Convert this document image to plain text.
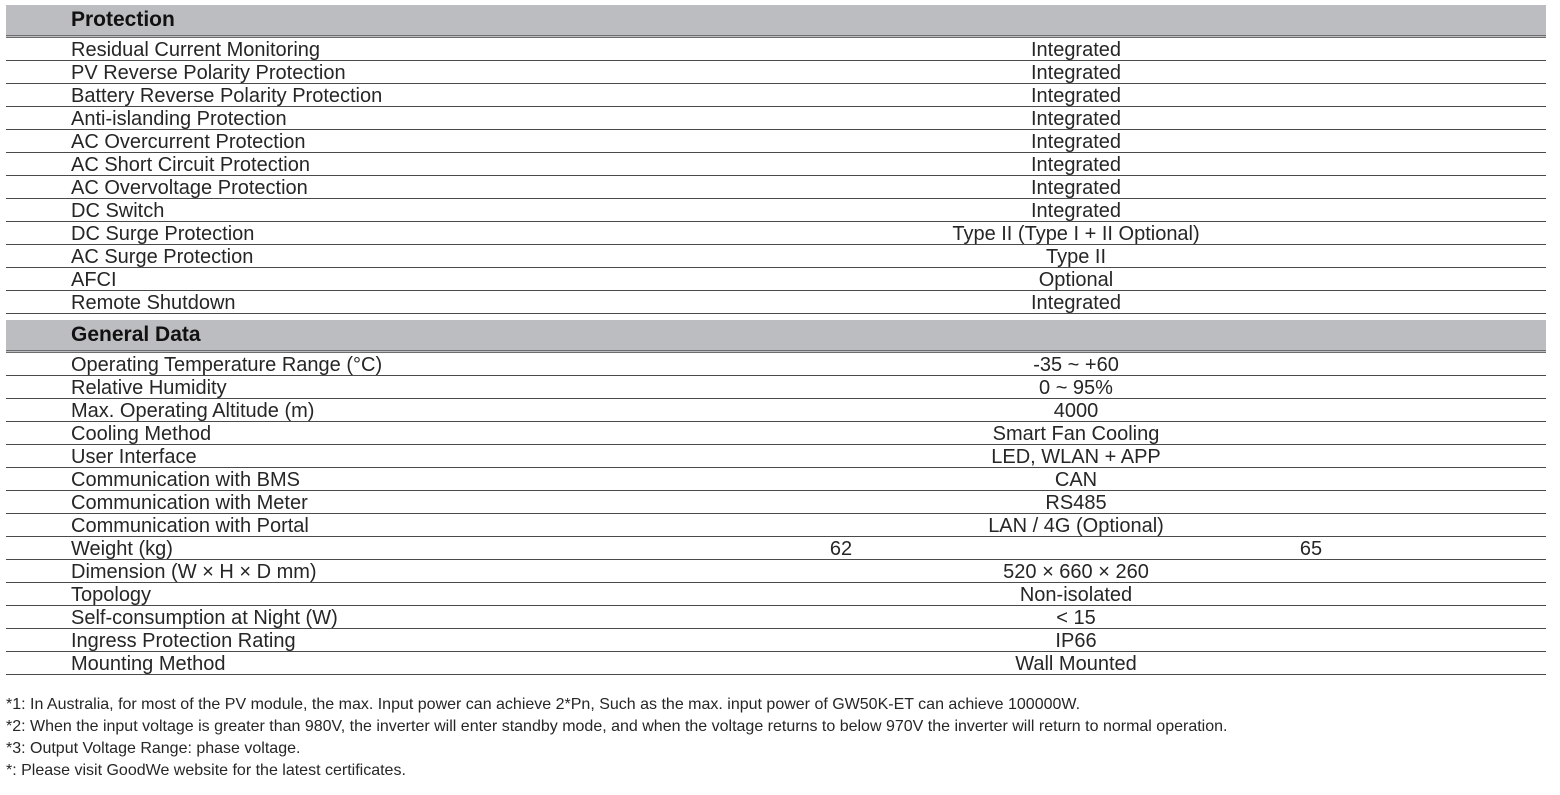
Protection
Residual Current Monitoring	Integrated
PV Reverse Polarity Protection	Integrated
Battery Reverse Polarity Protection	Integrated
Anti-islanding Protection	Integrated
AC Overcurrent Protection	Integrated
AC Short Circuit Protection	Integrated
AC Overvoltage Protection	Integrated
DC Switch	Integrated
DC Surge Protection	Type II (Type I + II Optional)
AC Surge Protection	Type II
AFCI	Optional
Remote Shutdown	Integrated
General Data
Operating Temperature Range (°C)	-35 ~ +60
Relative Humidity	0 ~ 95%
Max. Operating Altitude (m)	4000
Cooling Method	Smart Fan Cooling
User Interface	LED, WLAN + APP
Communication with BMS	CAN
Communication with Meter	RS485
Communication with Portal	LAN / 4G (Optional)
Weight (kg)	62	65
Dimension (W × H × D mm)	520 × 660 × 260
Topology	Non-isolated
Self-consumption at Night (W)	< 15
Ingress Protection Rating	IP66
Mounting Method	Wall Mounted
*1: In Australia, for most of the PV module, the max. Input power can achieve 2*Pn, Such as the max. input power of GW50K-ET can achieve 100000W.
*2: When the input voltage is greater than 980V, the inverter will enter standby mode, and when the voltage returns to below 970V the inverter will return to normal operation.
*3: Output Voltage Range: phase voltage.
*: Please visit GoodWe website for the latest certificates.
